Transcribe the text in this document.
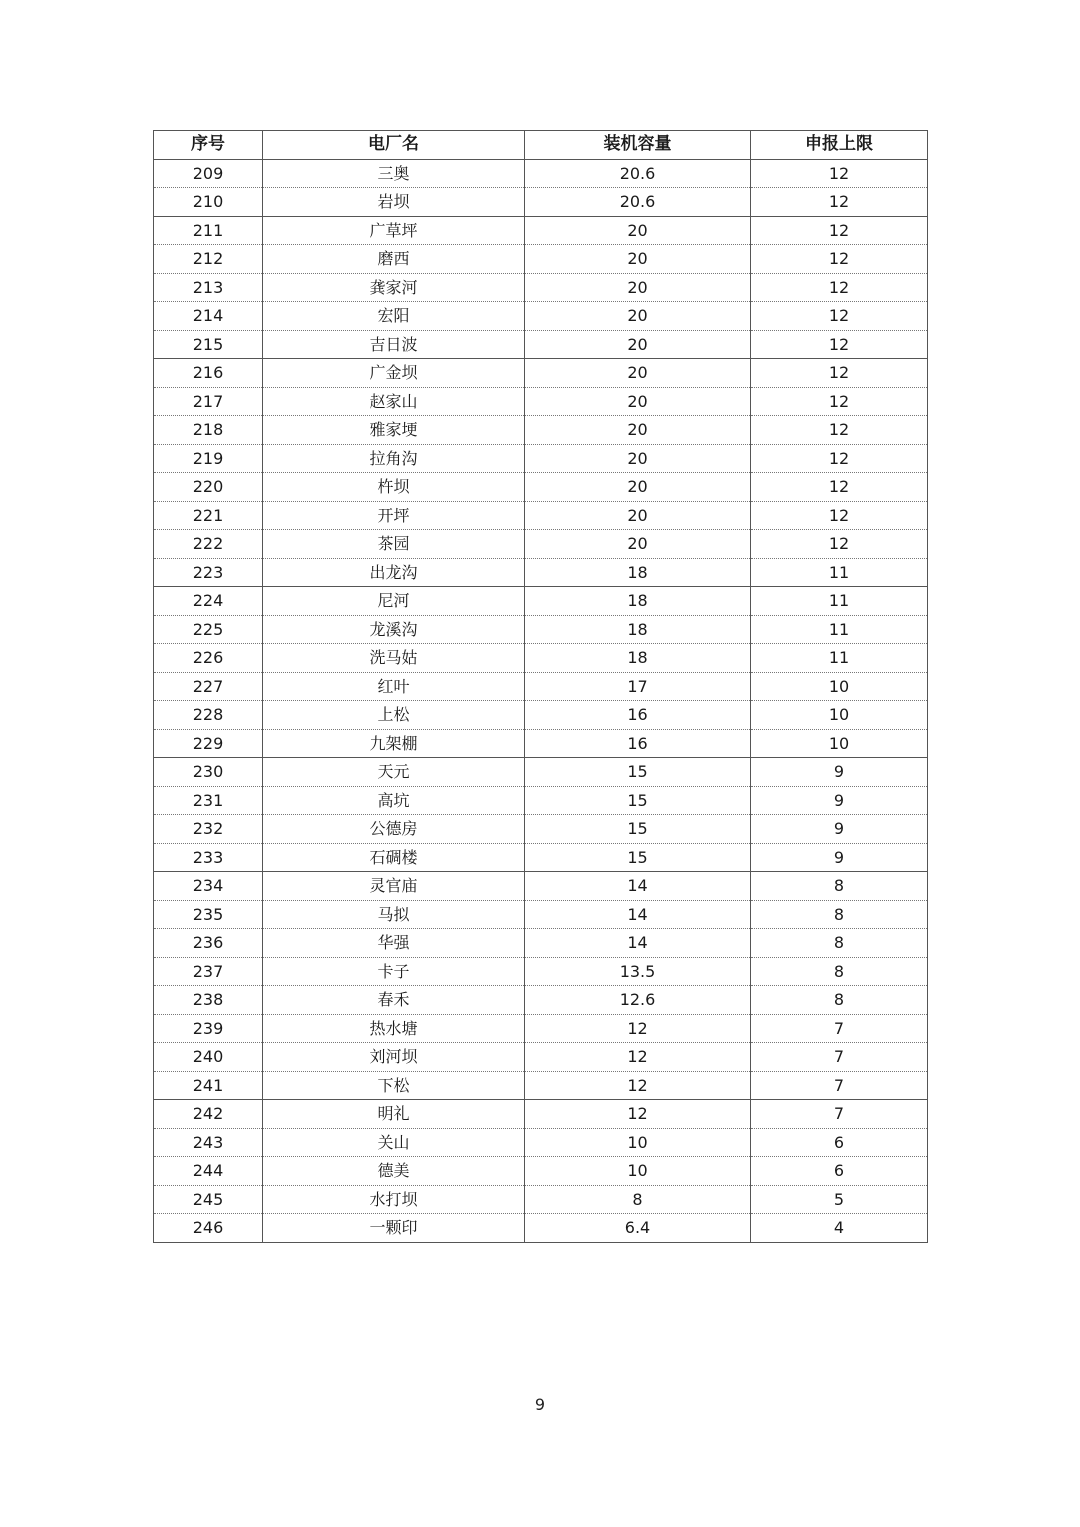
序号	电厂名	装机容量	申报上限
209	三奥	20.6	12
210	岩坝	20.6	12
211	广草坪	20	12
212	磨西	20	12
213	龚家河	20	12
214	宏阳	20	12
215	吉日波	20	12
216	广金坝	20	12
217	赵家山	20	12
218	雅家埂	20	12
219	拉角沟	20	12
220	杵坝	20	12
221	开坪	20	12
222	茶园	20	12
223	出龙沟	18	11
224	尼河	18	11
225	龙溪沟	18	11
226	洗马姑	18	11
227	红叶	17	10
228	上松	16	10
229	九架棚	16	10
230	天元	15	9
231	高坑	15	9
232	公德房	15	9
233	石碉楼	15	9
234	灵官庙	14	8
235	马拟	14	8
236	华强	14	8
237	卡子	13.5	8
238	春禾	12.6	8
239	热水塘	12	7
240	刘河坝	12	7
241	下松	12	7
242	明礼	12	7
243	关山	10	6
244	德美	10	6
245	水打坝	8	5
246	一颗印	6.4	4
9
